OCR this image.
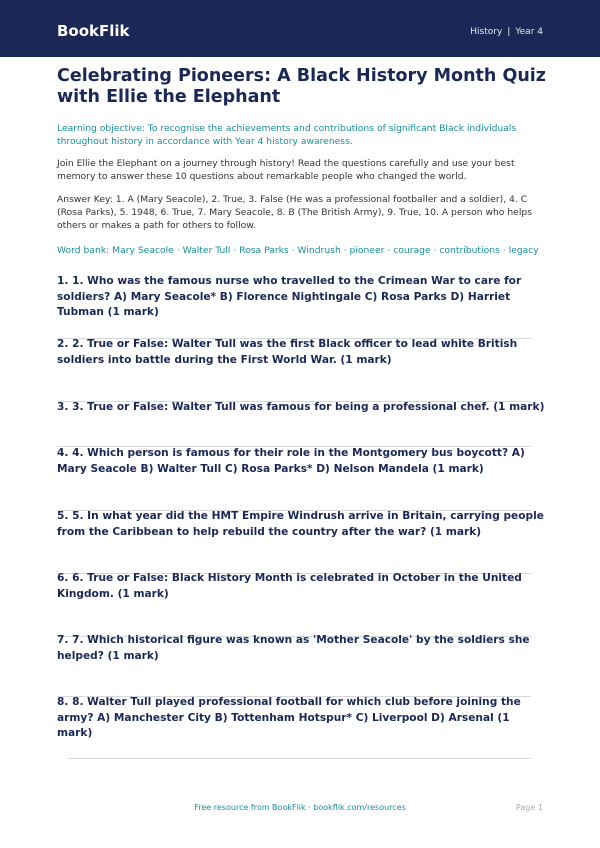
BookFlik	History | Year 4
Celebrating Pioneers: A Black History Month Quiz with Ellie the Elephant

Learning objective: To recognise the achievements and contributions of significant Black individuals throughout history in accordance with Year 4 history awareness.

Join Ellie the Elephant on a journey through history! Read the questions carefully and use your best memory to answer these 10 questions about remarkable people who changed the world.

Answer Key: 1. A (Mary Seacole), 2. True, 3. False (He was a professional footballer and a soldier), 4. C (Rosa Parks), 5. 1948, 6. True, 7. Mary Seacole, 8. B (The British Army), 9. True, 10. A person who helps others or makes a path for others to follow.

Word bank: Mary Seacole · Walter Tull · Rosa Parks · Windrush · pioneer · courage · contributions · legacy

1. 1. Who was the famous nurse who travelled to the Crimean War to care for soldiers? A) Mary Seacole* B) Florence Nightingale C) Rosa Parks D) Harriet Tubman (1 mark)

2. 2. True or False: Walter Tull was the first Black officer to lead white British soldiers into battle during the First World War. (1 mark)

3. 3. True or False: Walter Tull was famous for being a professional chef. (1 mark)

4. 4. Which person is famous for their role in the Montgomery bus boycott? A) Mary Seacole B) Walter Tull C) Rosa Parks* D) Nelson Mandela (1 mark)

5. 5. In what year did the HMT Empire Windrush arrive in Britain, carrying people from the Caribbean to help rebuild the country after the war? (1 mark)

6. 6. True or False: Black History Month is celebrated in October in the United Kingdom. (1 mark)

7. 7. Which historical figure was known as 'Mother Seacole' by the soldiers she helped? (1 mark)

8. 8. Walter Tull played professional football for which club before joining the army? A) Manchester City B) Tottenham Hotspur* C) Liverpool D) Arsenal (1 mark)

Free resource from BookFlik · bookflik.com/resources	Page 1
